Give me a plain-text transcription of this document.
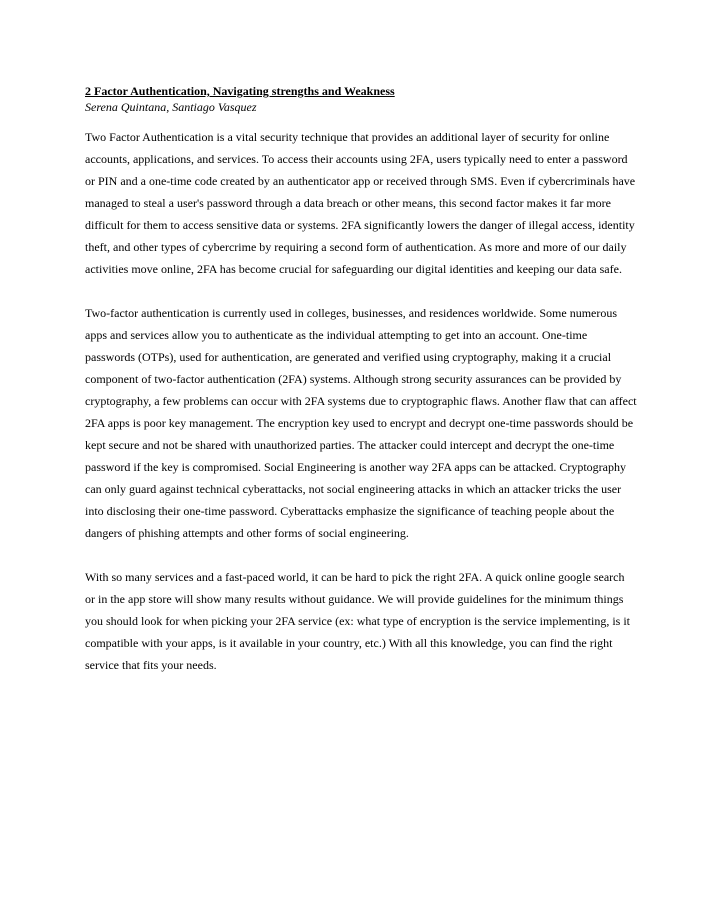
2 Factor Authentication, Navigating strengths and Weakness

Serena Quintana, Santiago Vasquez

Two Factor Authentication is a vital security technique that provides an additional layer of security for online accounts, applications, and services. To access their accounts using 2FA, users typically need to enter a password or PIN and a one-time code created by an authenticator app or received through SMS. Even if cybercriminals have managed to steal a user's password through a data breach or other means, this second factor makes it far more difficult for them to access sensitive data or systems. 2FA significantly lowers the danger of illegal access, identity theft, and other types of cybercrime by requiring a second form of authentication. As more and more of our daily activities move online, 2FA has become crucial for safeguarding our digital identities and keeping our data safe.

Two-factor authentication is currently used in colleges, businesses, and residences worldwide. Some numerous apps and services allow you to authenticate as the individual attempting to get into an account. One-time passwords (OTPs), used for authentication, are generated and verified using cryptography, making it a crucial component of two-factor authentication (2FA) systems. Although strong security assurances can be provided by cryptography, a few problems can occur with 2FA systems due to cryptographic flaws. Another flaw that can affect 2FA apps is poor key management. The encryption key used to encrypt and decrypt one-time passwords should be kept secure and not be shared with unauthorized parties. The attacker could intercept and decrypt the one-time password if the key is compromised. Social Engineering is another way 2FA apps can be attacked. Cryptography can only guard against technical cyberattacks, not social engineering attacks in which an attacker tricks the user into disclosing their one-time password. Cyberattacks emphasize the significance of teaching people about the dangers of phishing attempts and other forms of social engineering.

With so many services and a fast-paced world, it can be hard to pick the right 2FA. A quick online google search or in the app store will show many results without guidance. We will provide guidelines for the minimum things you should look for when picking your 2FA service (ex: what type of encryption is the service implementing, is it compatible with your apps, is it available in your country, etc.) With all this knowledge, you can find the right service that fits your needs.
